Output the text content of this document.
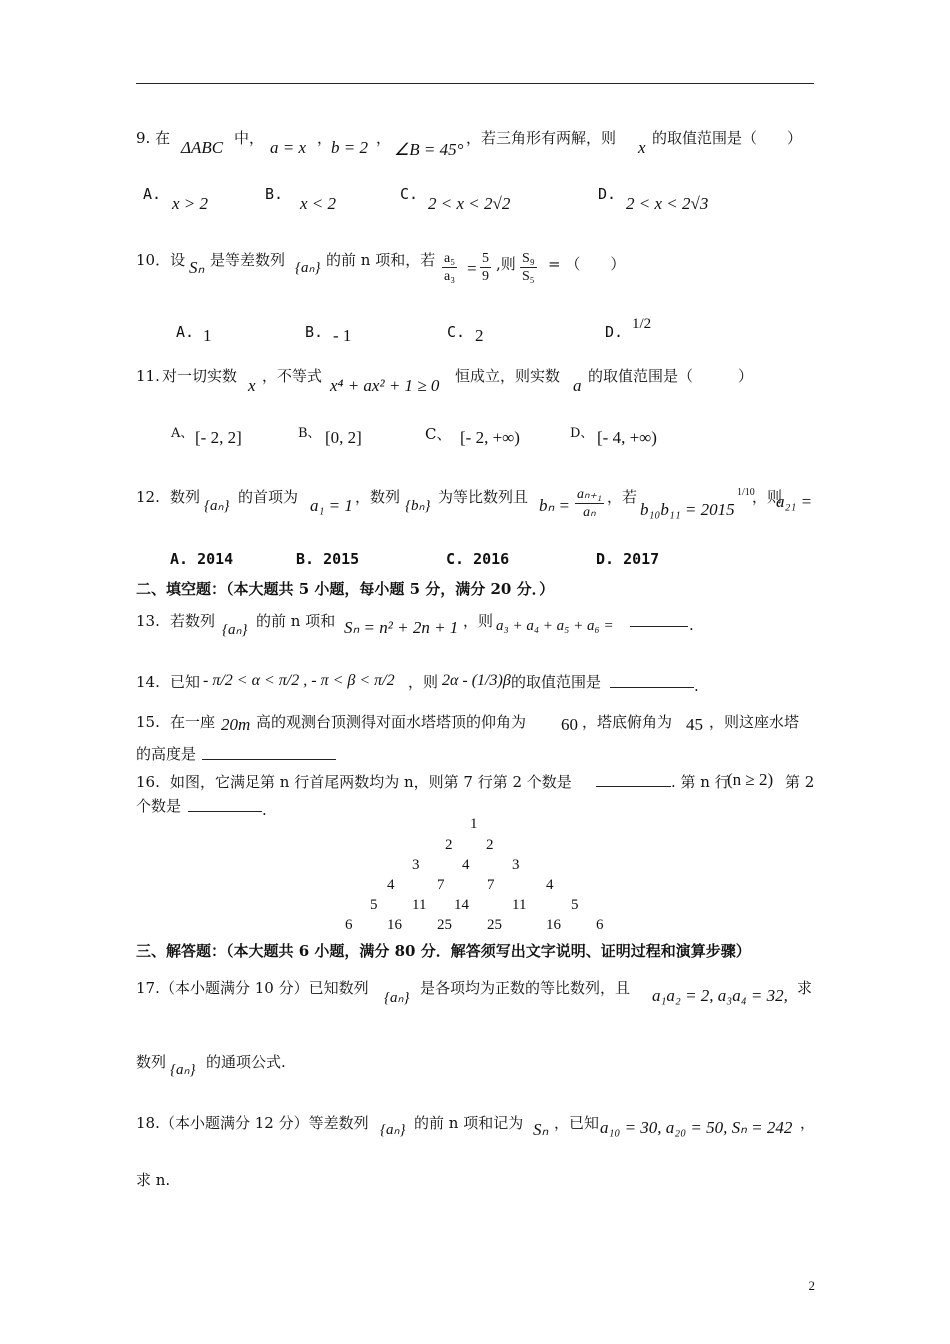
9. 在 ΔABC 中， a = x ，
b = 2 ，
∠B = 45°
，若三角形有两解，则 x 的取值范围是（　　）
A. x > 2	B. x < 2	C. 2 < x < 2√2	D. 2 < x < 2√3
10．设 Sₙ 是等差数列 {aₙ} 的前 n 项和，若 $\frac{\text{a₅}}{\text{a₃}} = \frac{5}{9}$ ,则 $\frac{\text{S₉}}{\text{S₅}}$ = （　　）
A. 1	B. - 1	C. 2	D. 1/2
11. 对一切实数 x ，不等式 x⁴ + ax² + 1 ≥ 0 恒成立，则实数 a 的取值范围是（　　　）
A、 [- 2, 2]	B、 [0, 2]	C、 [- 2, +∞)	D、 [- 4, +∞)
12. 数列 {aₙ} 的首项为 a₁ = 1 ，数列 {bₙ} 为等比数列且 $b_n = \frac{\text{aₙ₊₁}}{\text{aₙ}}$ ，若
b₁₀b₁₁ = 2015
1/10
，则
a₂₁ =
A. 2014	B. 2015	C. 2016	D. 2017
二、填空题：（本大题共 5 小题，每小题 5 分，满分 20 分．）
13. 若数列 {aₙ} 的前 n 项和 Sₙ = n² + 2n + 1 ，则 a₃ + a₄ + a₅ + a₆ =	.
14. 已知 - π/2 < α < π/2 , - π < β < π/2 ，则 2α - (1/3)β 的取值范围是	.
15. 在一座 20m 高的观测台顶测得对面水塔塔顶的仰角为 60 ，塔底俯角为 45 ，则这座水塔
的高度是
16. 如图，它满足第 n 行首尾两数均为 n，则第 7 行第 2 个数是	. 第 n 行
(n ≥ 2) 第 2
个数是	.
1
2 2
3	4	3
4	7	7	4
5 11 14	11	5
6 16 25 25	16 6
三、解答题：（本大题共 6 小题，满分 80 分．解答须写出文字说明、证明过程和演算步骤）
17. （本小题满分 10 分）已知数列
{aₙ}
是各项均为正数的等比数列，且 a₁a₂ = 2, a₃a₄ = 32, 求
数列 {aₙ} 的通项公式.
18. （本小题满分 12 分）等差数列 {aₙ} 的前 n 项和记为 Sₙ ，已知 a₁₀ = 30, a₂₀ = 50, Sₙ = 242 ，
求 n.
2
